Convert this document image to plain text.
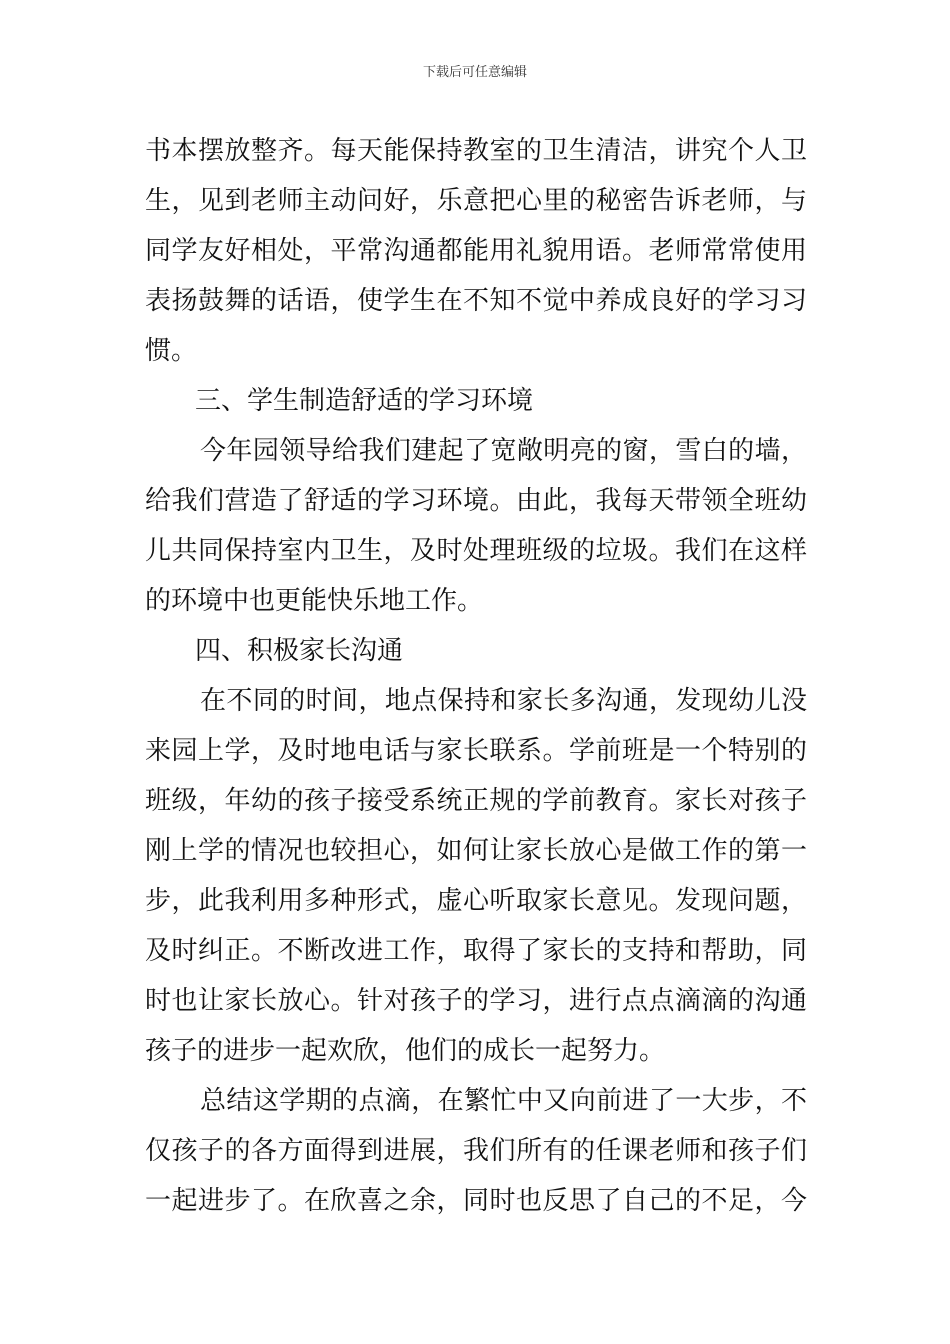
下载后可任意编辑
书本摆放整齐。每天能保持教室的卫生清洁，讲究个人卫
生，见到老师主动问好，乐意把心里的秘密告诉老师，与
同学友好相处，平常沟通都能用礼貌用语。老师常常使用
表扬鼓舞的话语，使学生在不知不觉中养成良好的学习习
惯。
三、学生制造舒适的学习环境
今年园领导给我们建起了宽敞明亮的窗，雪白的墙，
给我们营造了舒适的学习环境。由此，我每天带领全班幼
儿共同保持室内卫生，及时处理班级的垃圾。我们在这样
的环境中也更能快乐地工作。
四、积极家长沟通
在不同的时间，地点保持和家长多沟通，发现幼儿没
来园上学，及时地电话与家长联系。学前班是一个特别的
班级，年幼的孩子接受系统正规的学前教育。家长对孩子
刚上学的情况也较担心，如何让家长放心是做工作的第一
步，此我利用多种形式，虚心听取家长意见。发现问题，
及时纠正。不断改进工作，取得了家长的支持和帮助，同
时也让家长放心。针对孩子的学习，进行点点滴滴的沟通
孩子的进步一起欢欣，他们的成长一起努力。
总结这学期的点滴，在繁忙中又向前进了一大步，不
仅孩子的各方面得到进展，我们所有的任课老师和孩子们
一起进步了。在欣喜之余，同时也反思了自己的不足，今
